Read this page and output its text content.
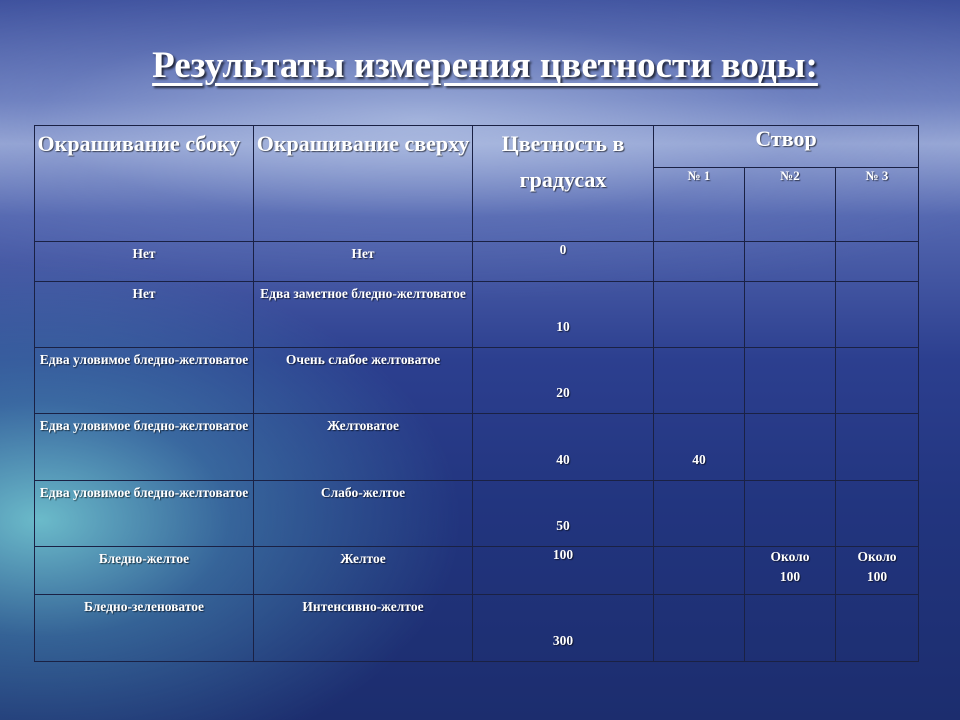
Результаты измерения цветности воды:
Окрашивание сбоку	Окрашивание сверху	Цветность в градусах	Створ		
			№ 1	№2	№ 3
Нет	Нет	0			
Нет	Едва заметное бледно-желтоватое	10			
Едва уловимое бледно-желтоватое	Очень слабое желтоватое	20			
Едва уловимое бледно-желтоватое	Желтоватое	40	40		
Едва уловимое бледно-желтоватое	Слабо-желтое	50			
Бледно-желтое	Желтое	100		Около 100	Около 100
Бледно-зеленоватое	Интенсивно-желтое	300			
